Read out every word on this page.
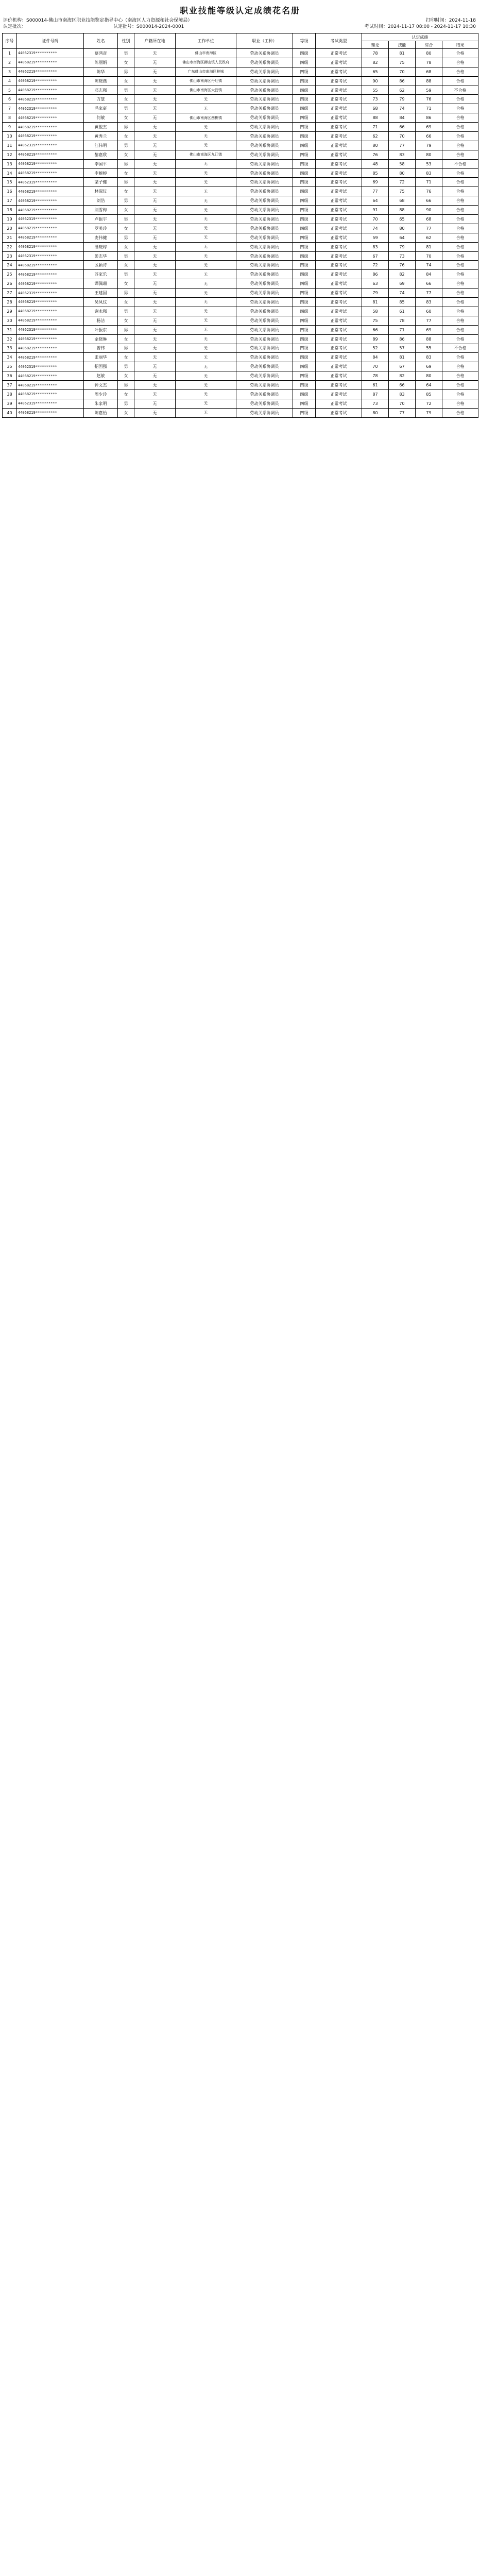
职业技能等级认定成绩花名册
评价机构：S000014-佛山市南海区职业技能鉴定指导中心（南海区人力资源和社会保障局）
认定批次：	认定批号：S000014-2024-0001
打印时间：2024-11-18
考试时间：2024-11-17 08:00 - 2024-11-17 10:30
序号	证件号码	姓名	性别	户籍所在地	工作单位	职业（工种）	等级	考试类型	认定成绩			
									理论	技能	综合	结果
1	44062319**********	蔡鸿彦	男	无	佛山市南海区	劳动关系协调员	四级	正常考试	78	81	80	合格
2	44068219**********	陈丽娟	女	无	佛山市南海区狮山镇人民政府	劳动关系协调员	四级	正常考试	82	75	78	合格
3	44062219**********	陈华	男	无	广东佛山市南海区桂城	劳动关系协调员	四级	正常考试	65	70	68	合格
4	44068219**********	陈晓燕	女	无	佛山市南海区丹灶镇	劳动关系协调员	四级	正常考试	90	86	88	合格
5	44068219**********	邓志强	男	无	佛山市南海区大沥镇	劳动关系协调员	四级	正常考试	55	62	59	不合格
6	44068219**********	方慧	女	无	无	劳动关系协调员	四级	正常考试	73	79	76	合格
7	44062319**********	冯家豪	男	无	无	劳动关系协调员	四级	正常考试	68	74	71	合格
8	44068219**********	何敏	女	无	佛山市南海区西樵镇	劳动关系协调员	四级	正常考试	88	84	86	合格
9	44068219**********	黄俊杰	男	无	无	劳动关系协调员	四级	正常考试	71	66	69	合格
10	44068219**********	黄秀兰	女	无	无	劳动关系协调员	四级	正常考试	62	70	66	合格
11	44062319**********	江伟明	男	无	无	劳动关系协调员	四级	正常考试	80	77	79	合格
12	44068219**********	黎嘉欣	女	无	佛山市南海区九江镇	劳动关系协调员	四级	正常考试	76	83	80	合格
13	44068219**********	李国平	男	无	无	劳动关系协调员	四级	正常考试	48	58	53	不合格
14	44068219**********	李婉婷	女	无	无	劳动关系协调员	四级	正常考试	85	80	83	合格
15	44062319**********	梁子健	男	无	无	劳动关系协调员	四级	正常考试	69	72	71	合格
16	44068219**********	林淑仪	女	无	无	劳动关系协调员	四级	正常考试	77	75	76	合格
17	44068219**********	刘浩	男	无	无	劳动关系协调员	四级	正常考试	64	68	66	合格
18	44068219**********	刘雪梅	女	无	无	劳动关系协调员	四级	正常考试	91	88	90	合格
19	44062319**********	卢振宇	男	无	无	劳动关系协调员	四级	正常考试	70	65	68	合格
20	44068219**********	罗美玲	女	无	无	劳动关系协调员	四级	正常考试	74	80	77	合格
21	44068219**********	麦伟健	男	无	无	劳动关系协调员	四级	正常考试	59	64	62	合格
22	44068219**********	潘晓婷	女	无	无	劳动关系协调员	四级	正常考试	83	79	81	合格
23	44062319**********	彭志华	男	无	无	劳动关系协调员	四级	正常考试	67	73	70	合格
24	44068219**********	区颖诗	女	无	无	劳动关系协调员	四级	正常考试	72	76	74	合格
25	44068219**********	苏家乐	男	无	无	劳动关系协调员	四级	正常考试	86	82	84	合格
26	44068219**********	谭佩珊	女	无	无	劳动关系协调员	四级	正常考试	63	69	66	合格
27	44062319**********	王建国	男	无	无	劳动关系协调员	四级	正常考试	79	74	77	合格
28	44068219**********	吴凤仪	女	无	无	劳动关系协调员	四级	正常考试	81	85	83	合格
29	44068219**********	谢永强	男	无	无	劳动关系协调员	四级	正常考试	58	61	60	合格
30	44068219**********	杨洁	女	无	无	劳动关系协调员	四级	正常考试	75	78	77	合格
31	44062319**********	叶振东	男	无	无	劳动关系协调员	四级	正常考试	66	71	69	合格
32	44068219**********	余晓琳	女	无	无	劳动关系协调员	四级	正常考试	89	86	88	合格
33	44068219**********	曾伟	男	无	无	劳动关系协调员	四级	正常考试	52	57	55	不合格
34	44068219**********	张丽华	女	无	无	劳动关系协调员	四级	正常考试	84	81	83	合格
35	44062319**********	招国强	男	无	无	劳动关系协调员	四级	正常考试	70	67	69	合格
36	44068219**********	赵敏	女	无	无	劳动关系协调员	四级	正常考试	78	82	80	合格
37	44068219**********	钟文杰	男	无	无	劳动关系协调员	四级	正常考试	61	66	64	合格
38	44068219**********	周少玲	女	无	无	劳动关系协调员	四级	正常考试	87	83	85	合格
39	44062319**********	朱家明	男	无	无	劳动关系协调员	四级	正常考试	73	70	72	合格
40	44068219**********	陈嘉怡	女	无	无	劳动关系协调员	四级	正常考试	80	77	79	合格
